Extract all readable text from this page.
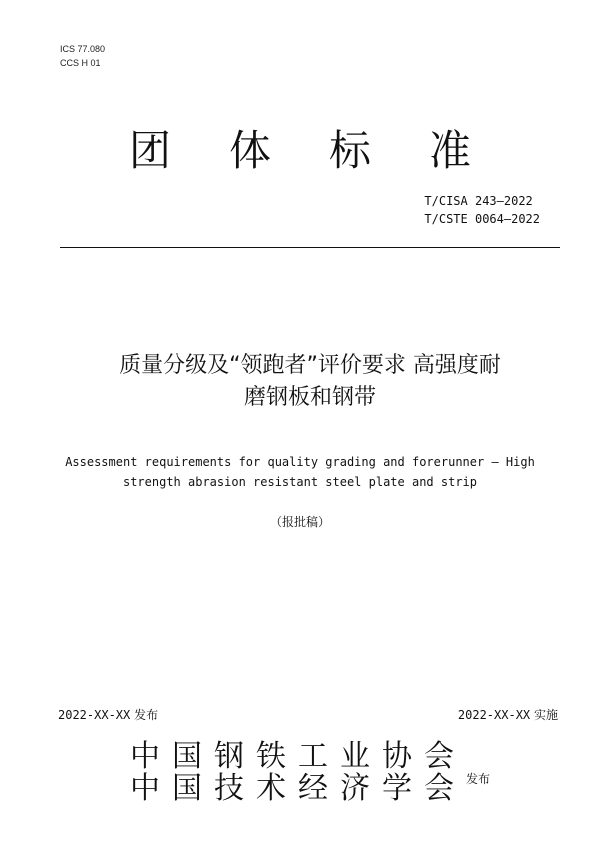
ICS 77.080
CCS H 01
团体标准
T/CISA 243—2022
T/CSTE 0064—2022
质量分级及“领跑者”评价要求 高强度耐
磨钢板和钢带
Assessment requirements for quality grading and forerunner — High
strength abrasion resistant steel plate and strip
（报批稿）
2022-XX-XX 发布	2022-XX-XX 实施
中国钢铁工业协会
中国技术经济学会 发布
